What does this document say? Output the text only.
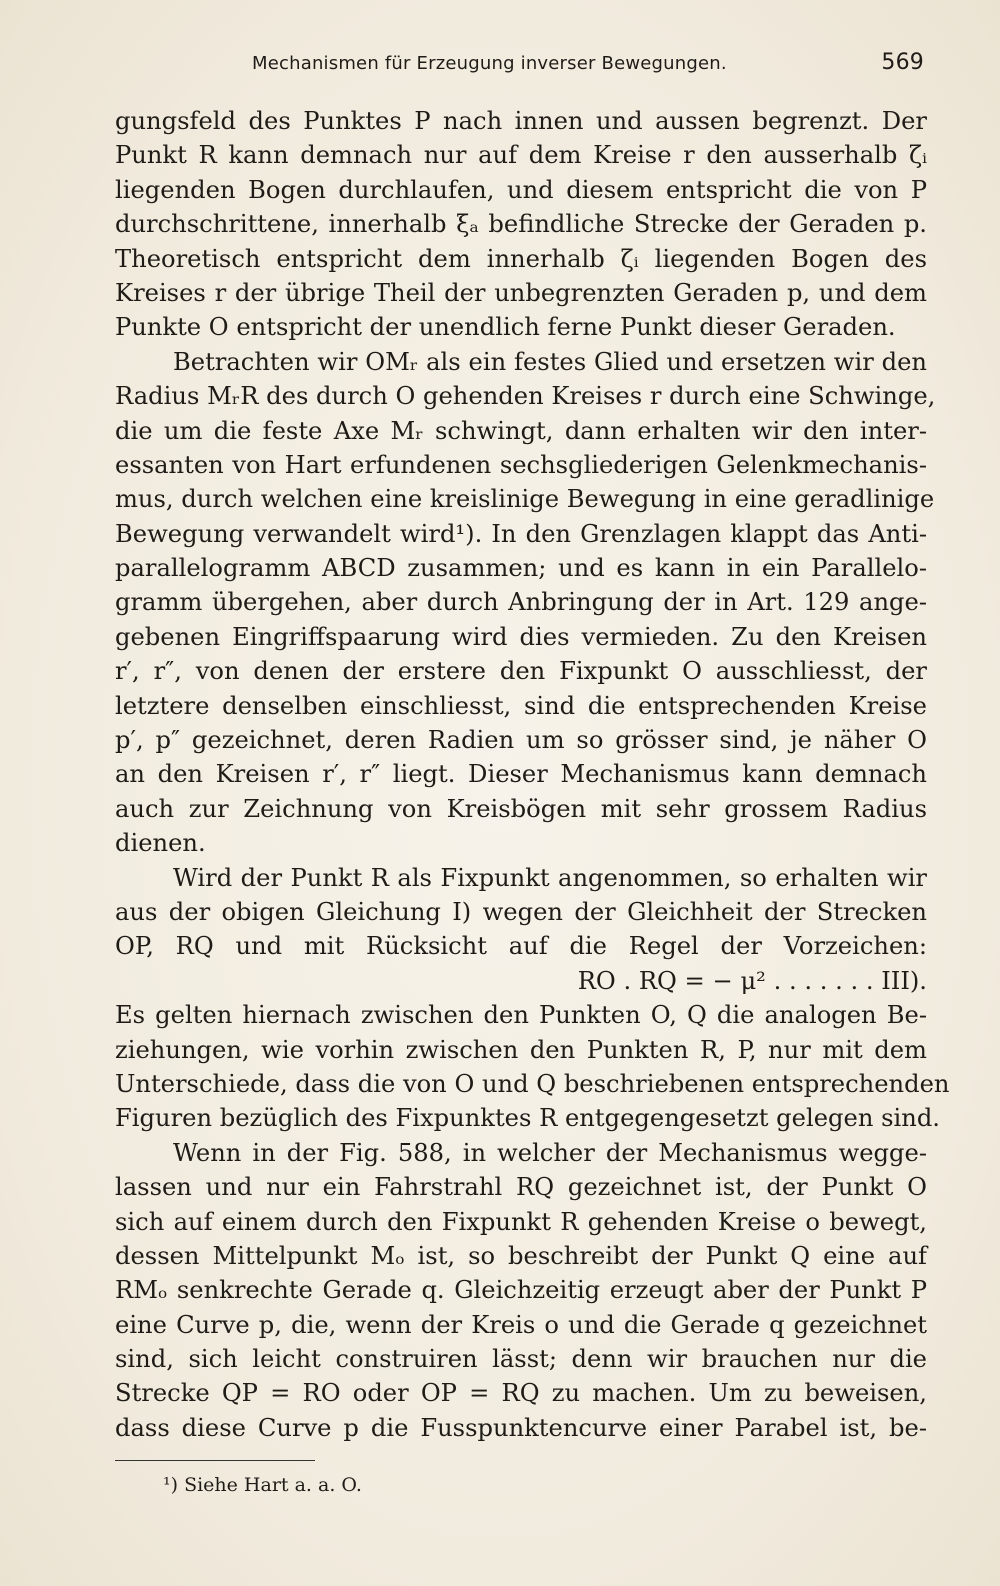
Mechanismen für Erzeugung inverser Bewegungen.	569
gungsfeld des Punktes P nach innen und aussen begrenzt. Der
Punkt R kann demnach nur auf dem Kreise r den ausserhalb ζᵢ
liegenden Bogen durchlaufen, und diesem entspricht die von P
durchschrittene, innerhalb ξₐ befindliche Strecke der Geraden p.
Theoretisch entspricht dem innerhalb ζᵢ liegenden Bogen des
Kreises r der übrige Theil der unbegrenzten Geraden p, und dem
Punkte O entspricht der unendlich ferne Punkt dieser Geraden.
Betrachten wir OMᵣ als ein festes Glied und ersetzen wir den
Radius MᵣR des durch O gehenden Kreises r durch eine Schwinge,
die um die feste Axe Mᵣ schwingt, dann erhalten wir den inter-
essanten von Hart erfundenen sechsgliederigen Gelenkmechanis-
mus, durch welchen eine kreislinige Bewegung in eine geradlinige
Bewegung verwandelt wird¹). In den Grenzlagen klappt das Anti-
parallelogramm ABCD zusammen; und es kann in ein Parallelo-
gramm übergehen, aber durch Anbringung der in Art. 129 ange-
gebenen Eingriffspaarung wird dies vermieden. Zu den Kreisen
r′, r″, von denen der erstere den Fixpunkt O ausschliesst, der
letztere denselben einschliesst, sind die entsprechenden Kreise
p′, p″ gezeichnet, deren Radien um so grösser sind, je näher O
an den Kreisen r′, r″ liegt. Dieser Mechanismus kann demnach
auch zur Zeichnung von Kreisbögen mit sehr grossem Radius
dienen.
Wird der Punkt R als Fixpunkt angenommen, so erhalten wir
aus der obigen Gleichung I) wegen der Gleichheit der Strecken
OP, RQ und mit Rücksicht auf die Regel der Vorzeichen:
RO . RQ = − μ² . . . . . . . III).
Es gelten hiernach zwischen den Punkten O, Q die analogen Be-
ziehungen, wie vorhin zwischen den Punkten R, P, nur mit dem
Unterschiede, dass die von O und Q beschriebenen entsprechenden
Figuren bezüglich des Fixpunktes R entgegengesetzt gelegen sind.
Wenn in der Fig. 588, in welcher der Mechanismus wegge-
lassen und nur ein Fahrstrahl RQ gezeichnet ist, der Punkt O
sich auf einem durch den Fixpunkt R gehenden Kreise o bewegt,
dessen Mittelpunkt Mₒ ist, so beschreibt der Punkt Q eine auf
RMₒ senkrechte Gerade q. Gleichzeitig erzeugt aber der Punkt P
eine Curve p, die, wenn der Kreis o und die Gerade q gezeichnet
sind, sich leicht construiren lässt; denn wir brauchen nur die
Strecke QP = RO oder OP = RQ zu machen. Um zu beweisen,
dass diese Curve p die Fusspunktencurve einer Parabel ist, be-
¹) Siehe Hart a. a. O.
